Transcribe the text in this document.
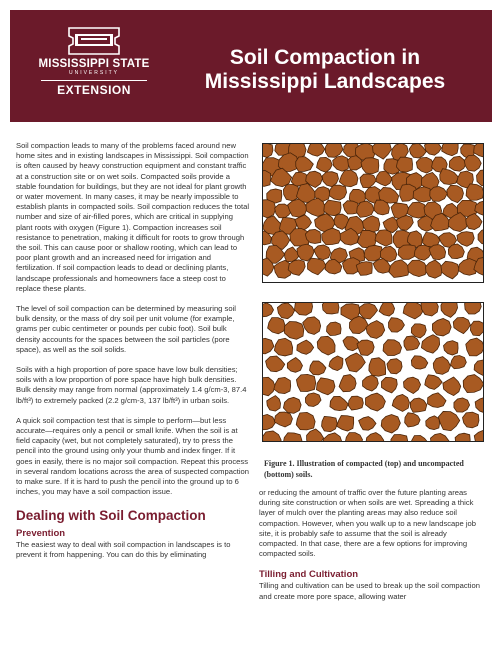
MISSISSIPPI STATE
UNIVERSITY
EXTENSION
Soil Compaction in
Mississippi Landscapes

Soil compaction leads to many of the problems faced around new home sites and in existing landscapes in Mississippi. Soil compaction is often caused by heavy construction equipment and constant traffic at a construction site or on wet soils. Compacted soils provide a stable foundation for buildings, but they are not ideal for plant growth or water movement. In many cases, it may be nearly impossible to establish plants in compacted soils. Soil compaction reduces the total number and size of air-filled pores, which are critical in supplying plant roots with oxygen (Figure 1). Compaction increases soil resistance to penetration, making it difficult for roots to grow through the soil. This can cause poor or shallow rooting, which can lead to poor plant growth and an increased need for irrigation and fertilization. If soil compaction leads to dead or declining plants, landscape professionals and homeowners face a steep cost to replace these plants.

The level of soil compaction can be determined by measuring soil bulk density, or the mass of dry soil per unit volume (for example, grams per cubic centimeter or pounds per cubic foot). Soil bulk density accounts for the spaces between the soil particles (pore space), as well as the soil solids.

Soils with a high proportion of pore space have low bulk densities; soils with a low proportion of pore space have high bulk densities. Bulk density may range from normal (approximately 1.4 g/cm-3, 87.4 lb/ft³) to extremely packed (2.2 g/cm-3, 137 lb/ft³) in urban soils.

A quick soil compaction test that is simple to perform—but less accurate—requires only a pencil or small knife. When the soil is at field capacity (wet, but not completely saturated), try to press the pencil into the ground using only your thumb and index finger. If it goes in easily, there is no major soil compaction. Repeat this process in several random locations across the area of suspected compaction to make sure. If it is hard to push the pencil into the ground up to 6 inches, you may have a soil compaction issue.

Dealing with Soil Compaction
Prevention

The easiest way to deal with soil compaction in landscapes is to prevent it from happening. You can do this by eliminating

Figure 1. Illustration of compacted (top) and uncompacted (bottom) soils.

or reducing the amount of traffic over the future planting areas during site construction or when soils are wet. Spreading a thick layer of mulch over the planting areas may also reduce soil compaction. However, when you walk up to a new landscape job site, it is probably safe to assume that the soil is already compacted. In that case, there are a few options for improving compacted soils.

Tilling and Cultivation

Tilling and cultivation can be used to break up the soil compaction and create more pore space, allowing water
